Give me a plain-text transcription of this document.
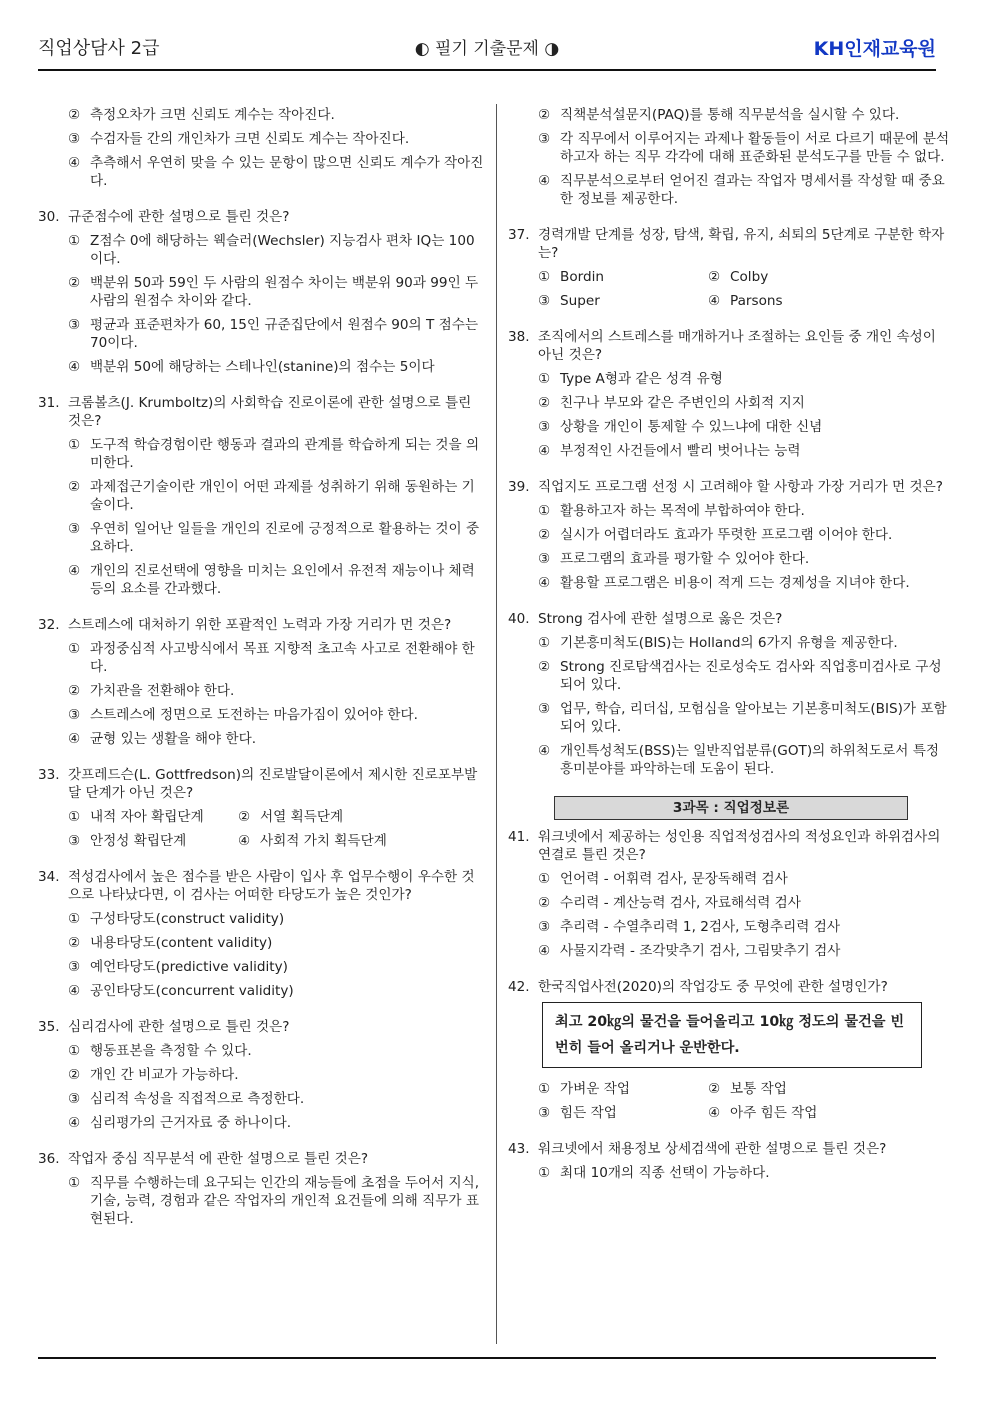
직업상담사 2급	◐ 필기 기출문제 ◑	KH인재교육원
② 측정오차가 크면 신뢰도 계수는 작아진다.
③ 수검자들 간의 개인차가 크면 신뢰도 계수는 작아진다.
④ 추측해서 우연히 맞을 수 있는 문항이 많으면 신뢰도 계수가 작아진다.
30. 규준점수에 관한 설명으로 틀린 것은?
① Z점수 0에 해당하는 웩슬러(Wechsler) 지능검사 편차 IQ는 100이다.
② 백분위 50과 59인 두 사람의 원점수 차이는 백분위 90과 99인 두 사람의 원점수 차이와 같다.
③ 평균과 표준편차가 60, 15인 규준집단에서 원점수 90의 T 점수는 70이다.
④ 백분위 50에 해당하는 스테나인(stanine)의 점수는 5이다
31. 크롬볼츠(J. Krumboltz)의 사회학습 진로이론에 관한 설명으로 틀린 것은?
① 도구적 학습경험이란 행동과 결과의 관계를 학습하게 되는 것을 의미한다.
② 과제접근기술이란 개인이 어떤 과제를 성취하기 위해 동원하는 기술이다.
③ 우연히 일어난 일들을 개인의 진로에 긍정적으로 활용하는 것이 중요하다.
④ 개인의 진로선택에 영향을 미치는 요인에서 유전적 재능이나 체력 등의 요소를 간과했다.
32. 스트레스에 대처하기 위한 포괄적인 노력과 가장 거리가 먼 것은?
① 과정중심적 사고방식에서 목표 지향적 초고속 사고로 전환해야 한다.
② 가치관을 전환해야 한다.
③ 스트레스에 정면으로 도전하는 마음가짐이 있어야 한다.
④ 균형 있는 생활을 해야 한다.
33. 갓프레드슨(L. Gottfredson)의 진로발달이론에서 제시한 진로포부발달 단계가 아닌 것은?
① 내적 자아 확립단계	② 서열 획득단계
③ 안정성 확립단계	④ 사회적 가치 획득단계
34. 적성검사에서 높은 점수를 받은 사람이 입사 후 업무수행이 우수한 것으로 나타났다면, 이 검사는 어떠한 타당도가 높은 것인가?
① 구성타당도(construct validity)
② 내용타당도(content validity)
③ 예언타당도(predictive validity)
④ 공인타당도(concurrent validity)
35. 심리검사에 관한 설명으로 틀린 것은?
① 행동표본을 측정할 수 있다.
② 개인 간 비교가 가능하다.
③ 심리적 속성을 직접적으로 측정한다.
④ 심리평가의 근거자료 중 하나이다.
36. 작업자 중심 직무분석 에 관한 설명으로 틀린 것은?
① 직무를 수행하는데 요구되는 인간의 재능들에 초점을 두어서 지식, 기술, 능력, 경험과 같은 작업자의 개인적 요건들에 의해 직무가 표현된다.
② 직책분석설문지(PAQ)를 통해 직무분석을 실시할 수 있다.
③ 각 직무에서 이루어지는 과제나 활동들이 서로 다르기 때문에 분석하고자 하는 직무 각각에 대해 표준화된 분석도구를 만들 수 없다.
④ 직무분석으로부터 얻어진 결과는 작업자 명세서를 작성할 때 중요한 정보를 제공한다.
37. 경력개발 단계를 성장, 탐색, 확립, 유지, 쇠퇴의 5단계로 구분한 학자는?
① Bordin	② Colby
③ Super	④ Parsons
38. 조직에서의 스트레스를 매개하거나 조절하는 요인들 중 개인 속성이 아닌 것은?
① Type A형과 같은 성격 유형
② 친구나 부모와 같은 주변인의 사회적 지지
③ 상황을 개인이 통제할 수 있느냐에 대한 신념
④ 부정적인 사건들에서 빨리 벗어나는 능력
39. 직업지도 프로그램 선정 시 고려해야 할 사항과 가장 거리가 먼 것은?
① 활용하고자 하는 목적에 부합하여야 한다.
② 실시가 어렵더라도 효과가 뚜렷한 프로그램 이어야 한다.
③ 프로그램의 효과를 평가할 수 있어야 한다.
④ 활용할 프로그램은 비용이 적게 드는 경제성을 지녀야 한다.
40. Strong 검사에 관한 설명으로 옳은 것은?
① 기본흥미척도(BIS)는 Holland의 6가지 유형을 제공한다.
② Strong 진로탐색검사는 진로성숙도 검사와 직업흥미검사로 구성되어 있다.
③ 업무, 학습, 리더십, 모험심을 알아보는 기본흥미척도(BIS)가 포함되어 있다.
④ 개인특성척도(BSS)는 일반직업분류(GOT)의 하위척도로서 특정흥미분야를 파악하는데 도움이 된다.
3과목 : 직업정보론
41. 워크넷에서 제공하는 성인용 직업적성검사의 적성요인과 하위검사의 연결로 틀린 것은?
① 언어력 - 어휘력 검사, 문장독해력 검사
② 수리력 - 계산능력 검사, 자료해석력 검사
③ 추리력 - 수열추리력 1, 2검사, 도형추리력 검사
④ 사물지각력 - 조각맞추기 검사, 그림맞추기 검사
42. 한국직업사전(2020)의 작업강도 중 무엇에 관한 설명인가?
최고 20㎏의 물건을 들어올리고 10㎏ 정도의 물건을 빈번히 들어 올리거나 운반한다.
① 가벼운 작업	② 보통 작업
③ 힘든 작업	④ 아주 힘든 작업
43. 워크넷에서 채용정보 상세검색에 관한 설명으로 틀린 것은?
① 최대 10개의 직종 선택이 가능하다.
